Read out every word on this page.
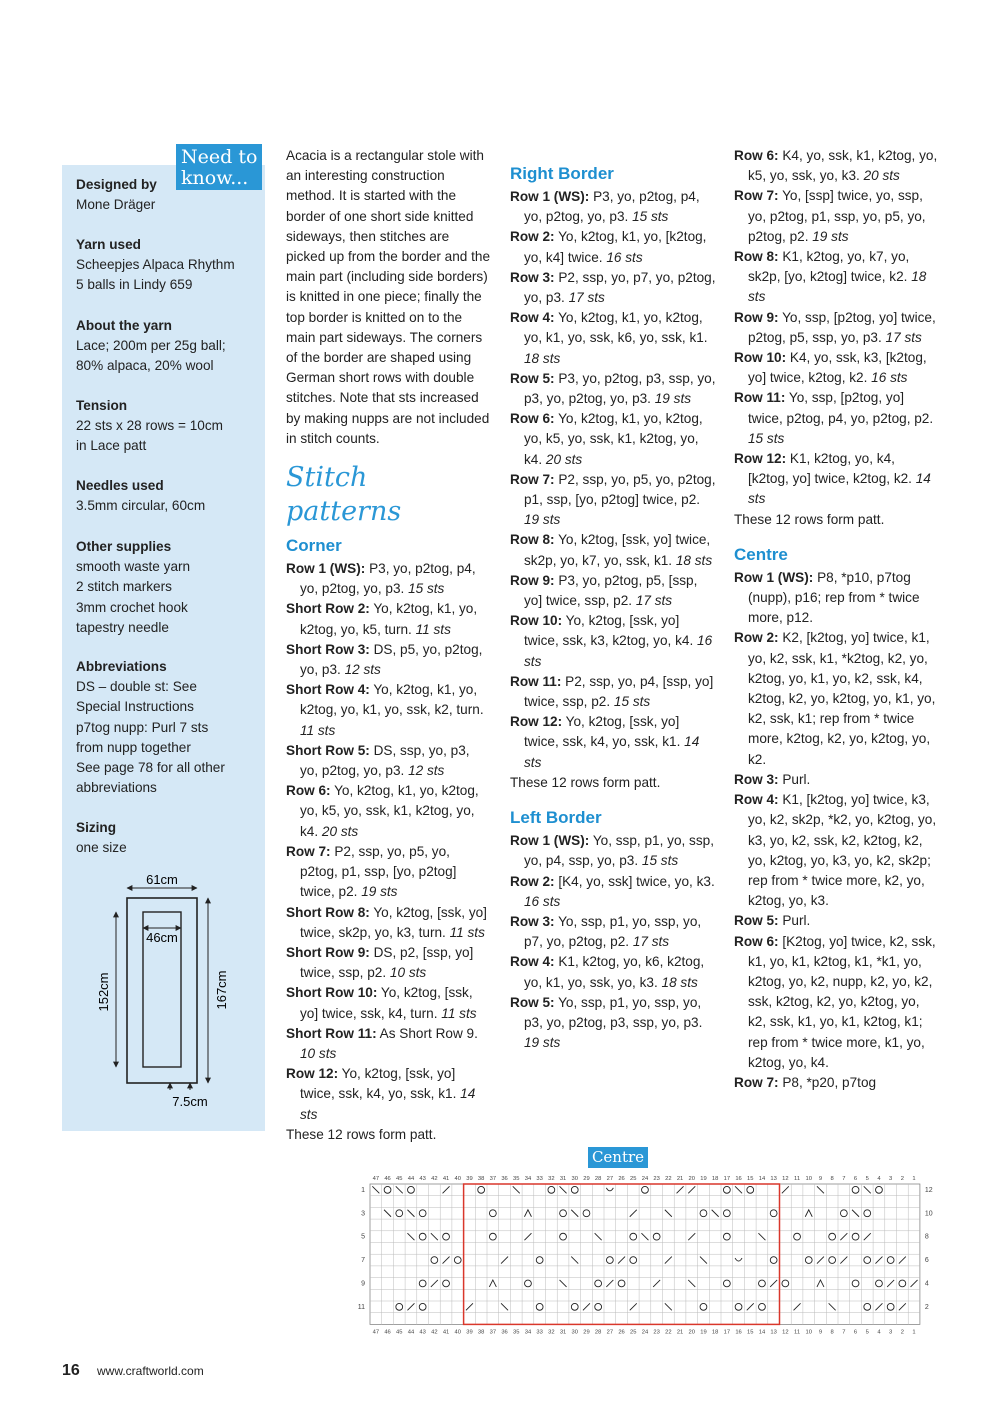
Need to
know...
Designed by
Mone Dräger
Yarn used
Scheepjes Alpaca Rhythm
5 balls in Lindy 659
About the yarn
Lace; 200m per 25g ball;
80% alpaca, 20% wool
Tension
22 sts x 28 rows = 10cm
in Lace patt
Needles used
3.5mm circular, 60cm
Other supplies
smooth waste yarn
2 stitch markers
3mm crochet hook
tapestry needle
Abbreviations
DS – double st: See
Special Instructions
p7tog nupp: Purl 7 sts
from nupp together
See page 78 for all other
abbreviations
Sizing
one size
61cm
46cm
152cm	167cm
7.5cm

Acacia is a rectangular stole with an interesting construction method. It is started with the border of one short side knitted sideways, then stitches are picked up from the border and the main part (including side borders) is knitted in one piece; finally the top border is knitted on to the main part sideways. The corners of the border are shaped using German short rows with double stitches. Note that sts increased by making nupps are not included in stitch counts.

Stitch patterns

Corner

Row 1 (WS): P3, yo, p2tog, p4, yo, p2tog, yo, p3. 15 sts

Short Row 2: Yo, k2tog, k1, yo, k2tog, yo, k5, turn. 11 sts

Short Row 3: DS, p5, yo, p2tog, yo, p3. 12 sts

Short Row 4: Yo, k2tog, k1, yo, k2tog, yo, k1, yo, ssk, k2, turn. 11 sts

Short Row 5: DS, ssp, yo, p3, yo, p2tog, yo, p3. 12 sts

Row 6: Yo, k2tog, k1, yo, k2tog, yo, k5, yo, ssk, k1, k2tog, yo, k4. 20 sts

Row 7: P2, ssp, yo, p5, yo, p2tog, p1, ssp, [yo, p2tog] twice, p2. 19 sts

Short Row 8: Yo, k2tog, [ssk, yo] twice, sk2p, yo, k3, turn. 11 sts

Short Row 9: DS, p2, [ssp, yo] twice, ssp, p2. 10 sts

Short Row 10: Yo, k2tog, [ssk, yo] twice, ssk, k4, turn. 11 sts

Short Row 11: As Short Row 9. 10 sts

Row 12: Yo, k2tog, [ssk, yo] twice, ssk, k4, yo, ssk, k1. 14 sts

These 12 rows form patt.

Right Border

Row 1 (WS): P3, yo, p2tog, p4, yo, p2tog, yo, p3. 15 sts

Row 2: Yo, k2tog, k1, yo, [k2tog, yo, k4] twice. 16 sts

Row 3: P2, ssp, yo, p7, yo, p2tog, yo, p3. 17 sts

Row 4: Yo, k2tog, k1, yo, k2tog, yo, k1, yo, ssk, k6, yo, ssk, k1. 18 sts

Row 5: P3, yo, p2tog, p3, ssp, yo, p3, yo, p2tog, yo, p3. 19 sts

Row 6: Yo, k2tog, k1, yo, k2tog, yo, k5, yo, ssk, k1, k2tog, yo, k4. 20 sts

Row 7: P2, ssp, yo, p5, yo, p2tog, p1, ssp, [yo, p2tog] twice, p2. 19 sts

Row 8: Yo, k2tog, [ssk, yo] twice, sk2p, yo, k7, yo, ssk, k1. 18 sts

Row 9: P3, yo, p2tog, p5, [ssp, yo] twice, ssp, p2. 17 sts

Row 10: Yo, k2tog, [ssk, yo] twice, ssk, k3, k2tog, yo, k4. 16 sts

Row 11: P2, ssp, yo, p4, [ssp, yo] twice, ssp, p2. 15 sts

Row 12: Yo, k2tog, [ssk, yo] twice, ssk, k4, yo, ssk, k1. 14 sts

These 12 rows form patt.

Left Border

Row 1 (WS): Yo, ssp, p1, yo, ssp, yo, p4, ssp, yo, p3. 15 sts

Row 2: [K4, yo, ssk] twice, yo, k3. 16 sts

Row 3: Yo, ssp, p1, yo, ssp, yo, p7, yo, p2tog, p2. 17 sts

Row 4: K1, k2tog, yo, k6, k2tog, yo, k1, yo, ssk, yo, k3. 18 sts

Row 5: Yo, ssp, p1, yo, ssp, yo, p3, yo, p2tog, p3, ssp, yo, p3. 19 sts

Row 6: K4, yo, ssk, k1, k2tog, yo, k5, yo, ssk, yo, k3. 20 sts

Row 7: Yo, [ssp] twice, yo, ssp, yo, p2tog, p1, ssp, yo, p5, yo, p2tog, p2. 19 sts

Row 8: K1, k2tog, yo, k7, yo, sk2p, [yo, k2tog] twice, k2. 18 sts

Row 9: Yo, ssp, [p2tog, yo] twice, p2tog, p5, ssp, yo, p3. 17 sts

Row 10: K4, yo, ssk, k3, [k2tog, yo] twice, k2tog, k2. 16 sts

Row 11: Yo, ssp, [p2tog, yo] twice, p2tog, p4, yo, p2tog, p2. 15 sts

Row 12: K1, k2tog, yo, k4, [k2tog, yo] twice, k2tog, k2. 14 sts

These 12 rows form patt.

Centre

Row 1 (WS): P8, *p10, p7tog (nupp), p16; rep from * twice more, p12.

Row 2: K2, [k2tog, yo] twice, k1, yo, k2, ssk, k1, *k2tog, k2, yo, k2tog, yo, k1, yo, k2, ssk, k4, k2tog, k2, yo, k2tog, yo, k1, yo, k2, ssk, k1; rep from * twice more, k2tog, k2, yo, k2tog, yo, k2.

Row 3: Purl.

Row 4: K1, [k2tog, yo] twice, k3, yo, k2, sk2p, *k2, yo, k2tog, yo, k3, yo, k2, ssk, k2, k2tog, k2, yo, k2tog, yo, k3, yo, k2, sk2p; rep from * twice more, k2, yo, k2tog, yo, k3.

Row 5: Purl.

Row 6: [K2tog, yo] twice, k2, ssk, k1, yo, k1, k2tog, k1, *k1, yo, k2tog, yo, k2, nupp, k2, yo, k2, ssk, k2tog, k2, yo, k2tog, yo, k2, ssk, k1, yo, k1, k2tog, k1; rep from * twice more, k1, yo, k2tog, yo, k4.

Row 7: P8, *p20, p7tog

Centre
47
47
46
46
45
45
44
44
43
43
42
42
41
41
40
40
39
39
38
38
37
37
36
36
35
35
34
34
33
33
32
32
31
31
30
30
29
29
28
28
27
27
26
26
25
25
24
24
23
23
22
22
21
21
20
20
19
19
18
18
17
17
16
16
15
15
14
14
13
13
12
12
11
11
10
10
9
9
8
8
7
7
6
6
5
5
4
4
3
3
2
2
1
1
11
9
7
5
3
1	12
10
8
6
4
2
16 www.craftworld.com
